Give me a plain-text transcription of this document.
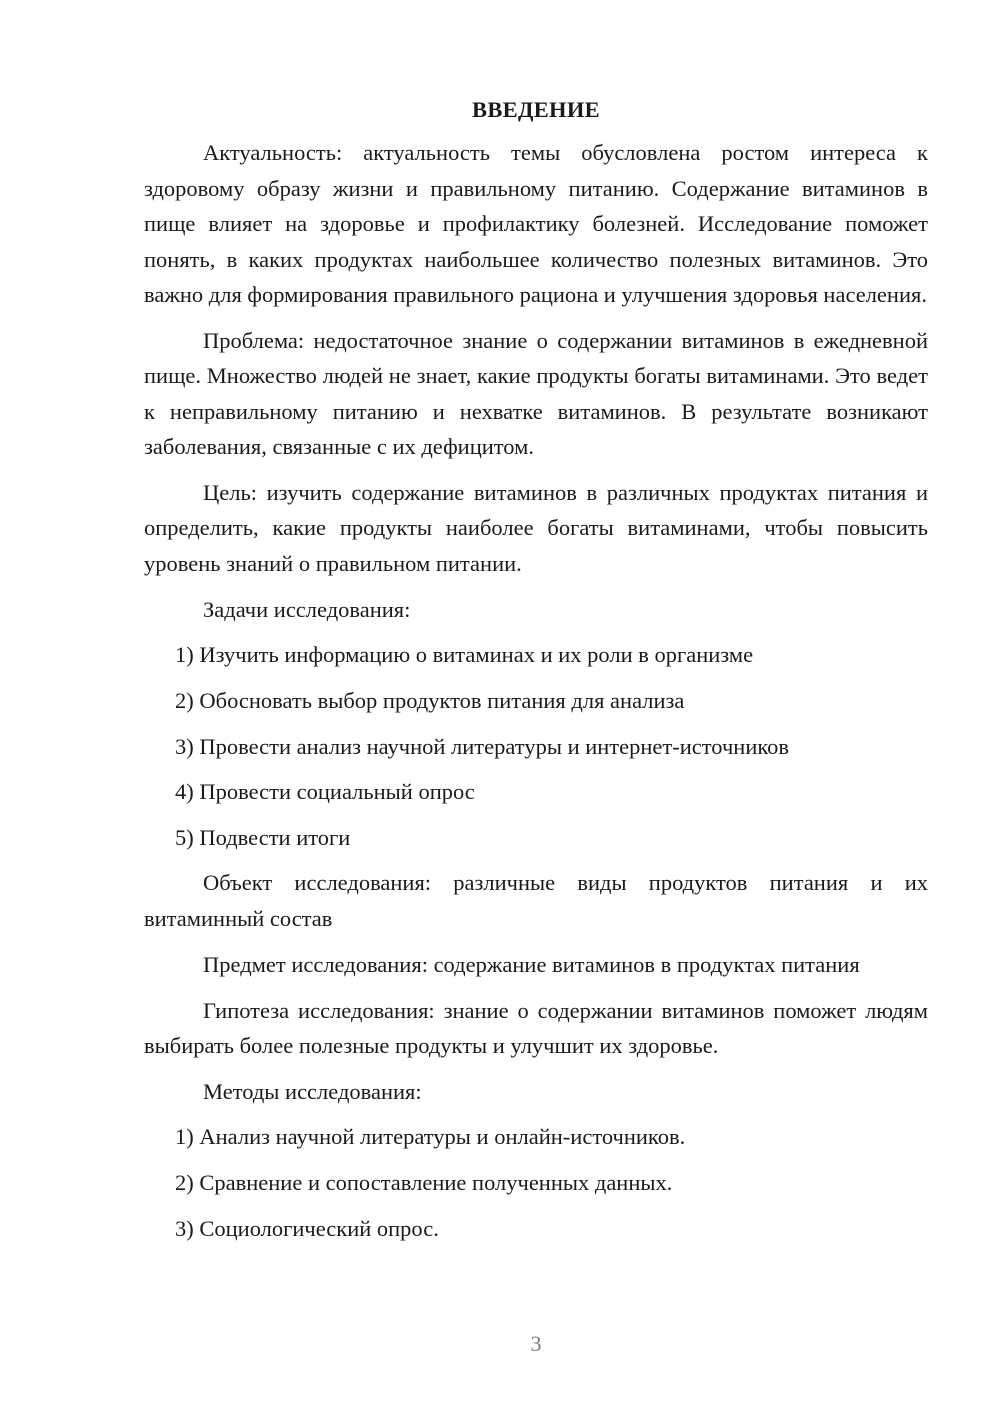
ВВЕДЕНИЕ

Актуальность: актуальность темы обусловлена ростом интереса к здоровому образу жизни и правильному питанию. Содержание витаминов в пище влияет на здоровье и профилактику болезней. Исследование поможет понять, в каких продуктах наибольшее количество полезных витаминов. Это важно для формирования правильного рациона и улучшения здоровья населения.

Проблема: недостаточное знание о содержании витаминов в ежедневной пище. Множество людей не знает, какие продукты богаты витаминами. Это ведет к неправильному питанию и нехватке витаминов. В результате возникают заболевания, связанные с их дефицитом.

Цель: изучить содержание витаминов в различных продуктах питания и определить, какие продукты наиболее богаты витаминами, чтобы повысить уровень знаний о правильном питании.

Задачи исследования:
1) Изучить информацию о витаминах и их роли в организме
2) Обосновать выбор продуктов питания для анализа
3) Провести анализ научной литературы и интернет-источников
4) Провести социальный опрос
5) Подвести итоги

Объект исследования: различные виды продуктов питания и их витаминный состав

Предмет исследования: содержание витаминов в продуктах питания

Гипотеза исследования: знание о содержании витаминов поможет людям выбирать более полезные продукты и улучшит их здоровье.

Методы исследования:
1) Анализ научной литературы и онлайн-источников.
2) Сравнение и сопоставление полученных данных.
3) Социологический опрос.
3
